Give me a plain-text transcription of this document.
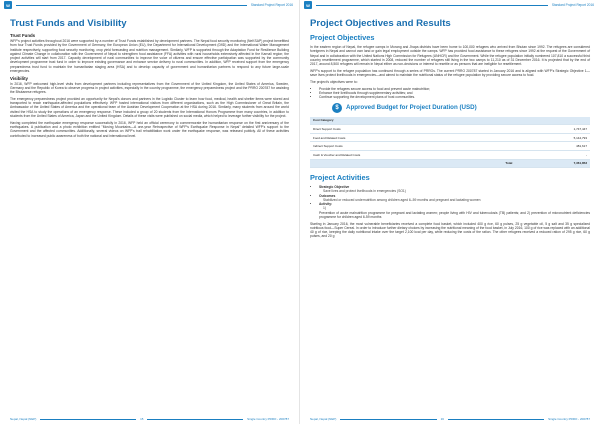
W	Standard Project Report 2016
Trust Funds and Visibility
Trust Funds

WFP's project activities throughout 2016 were supported by a number of Trust Funds established by development partners. The Nepal food security monitoring (NeKSAP) project benefitted from four Trust Funds provided by the Government of Germany, the European Union (EU), the Department for International Development (DfID) and the International Water Management Institute respectively, supporting food security monitoring, crop yield forecasting and nutrition management. Similarly, WFP is supported through the Adaptation Fund for Resilience Building against Climate Change in collaboration with the Government of Nepal to strengthen food assistance (FFA) activities with rural households extensively affected in the Karnali region; the project activities will start from 2017. Capacity development of rural communities to improve the voice of citizens and ensure effective participation was supported by the community development programme trust fund in order to improve existing governance and enhance service delivery to rural communities. In addition, WFP received support from the emergency preparedness trust fund to maintain the humanitarian staging area (HSA) and to develop capacity of government and humanitarian partners to respond to any future large-scale emergencies.

Visibility

In 2016, WFP welcomed high-level visits from development partners including representatives from the Government of the United Kingdom, the United States of America, Sweden, Germany and the Republic of Korea to observe progress in project activities, especially in the country programme, the emergency preparedness project and the PRRO 200787 for assisting the Bhutanese refugees.

The emergency preparedness project provided an opportunity for Nepal's donors and partners in the Logistic Cluster to learn how food, medical, health and shelter items were stored and transported to reach earthquake-affected populations effectively. WFP hosted international visitors from different organizations, such as the High Commissioner of Great Britain, the Ambassador of the United States of America and the operational team of the Austrian Development Cooperation at the HSA during 2016. Similarly, many students from around the world visited the HSA to study the operations of an emergency response. These included a group of 20 students from the International Honors Programme from many countries, in addition to students from the United States of America, Japan and the United Kingdom. Details of these visits were published on social media, which helped to leverage further visibility for the project.

Having completed the earthquake emergency response successfully in 2016, WFP held an official ceremony to commemorate the humanitarian response on the first anniversary of the earthquakes. A publication and a photo exhibition entitled "Moving Mountains—A one-year Retrospective of WFP's Earthquake Response in Nepal" detailed WFP's support to the Government and the affected communities. Additionally, several videos on WFP's trail rehabilitation work under the earthquake response, was released publicly. All of these activities contributed to increased public awareness of both the national and international level.

Nepal, Nepal (NEP)	15	Single Country PRRO - 200787
W	Standard Project Report 2016
Project Objectives and Results
Project Objectives

In the eastern region of Nepal, the refugee camps in Morang and Jhapa districts have been home to 100,000 refugees who arrived from Bhutan since 1992. The refugees are considered foreigners in Nepal and cannot own land or gain legal employment outside the camps. WFP has provided food assistance to these refugees since 1992 at the request of the Government of Nepal and in collaboration with the United Nations High Commission for Refugees (UNHCR) and the Government. While the refugee population initially numbered 107,810 a successful third country resettlement programme, which started in 2008, reduced the number of refugees still living in the two camps to 11,210 as of 31 December 2016. It is projected that by the end of 2017, around 8,500 refugees will remain in Nepal either as non-decisions or interest to resettle or as persons that are ineligible for resettlement.

WFP's support to the refugee population has continued through a series of PRROs. The current PRRO 200787 started in January 2016 and is aligned with WFP's Strategic Objective 1—save lives protect livelihoods in emergencies—and aimed to maintain the nutritional status of the refugee population by providing secure access to food.

The project's objectives were to:

• Provide the refugees secure access to food and prevent acute malnutrition;
• Enhance their livelihoods through supplementary activities; and
• Continue supporting the development plans of host communities.
$ Approved Budget for Project Duration (USD)
Cost Category	
Direct Support Costs	1,747,447
Food and Related Costs	5,144,793
Indirect Support Costs	481,617
Cash & Voucher and Related Costs	-
Total	7,361,853
Project Activities
• Strategic Objective
Save lives and protect livelihoods in emergencies (SO1)
• Outcomes
Stabilized or reduced undernutrition among children aged 6–59 months and pregnant and lactating women
• Activity:
1)

Prevention of acute malnutrition programme for pregnant and lactating women; people living with HIV and tuberculosis (TB) patients; and 2) prevention of micronutrient deficiencies programme for children aged 6-59 months

Starting in January 2016, the most vulnerable beneficiaries received a complete food basket, which included 400 g rice, 60 g pulses, 25 g vegetable oil, 5 g salt and 35 g specialized nutritious food—Super Cereal. In order to introduce further dietary choices by increasing the nutritional meaning of the food basket, in July 2016, 100 g of rice was replaced with an additional 40 g of rice, keeping the daily nutritional intake over the target 2,100 kcal per day, while reducing the costs of the ration. The other refugees received a reduced ration of 295 g rice, 60 g pulses, and 20 g

Nepal, Nepal (NEP)	16	Single Country PRRO - 200787
